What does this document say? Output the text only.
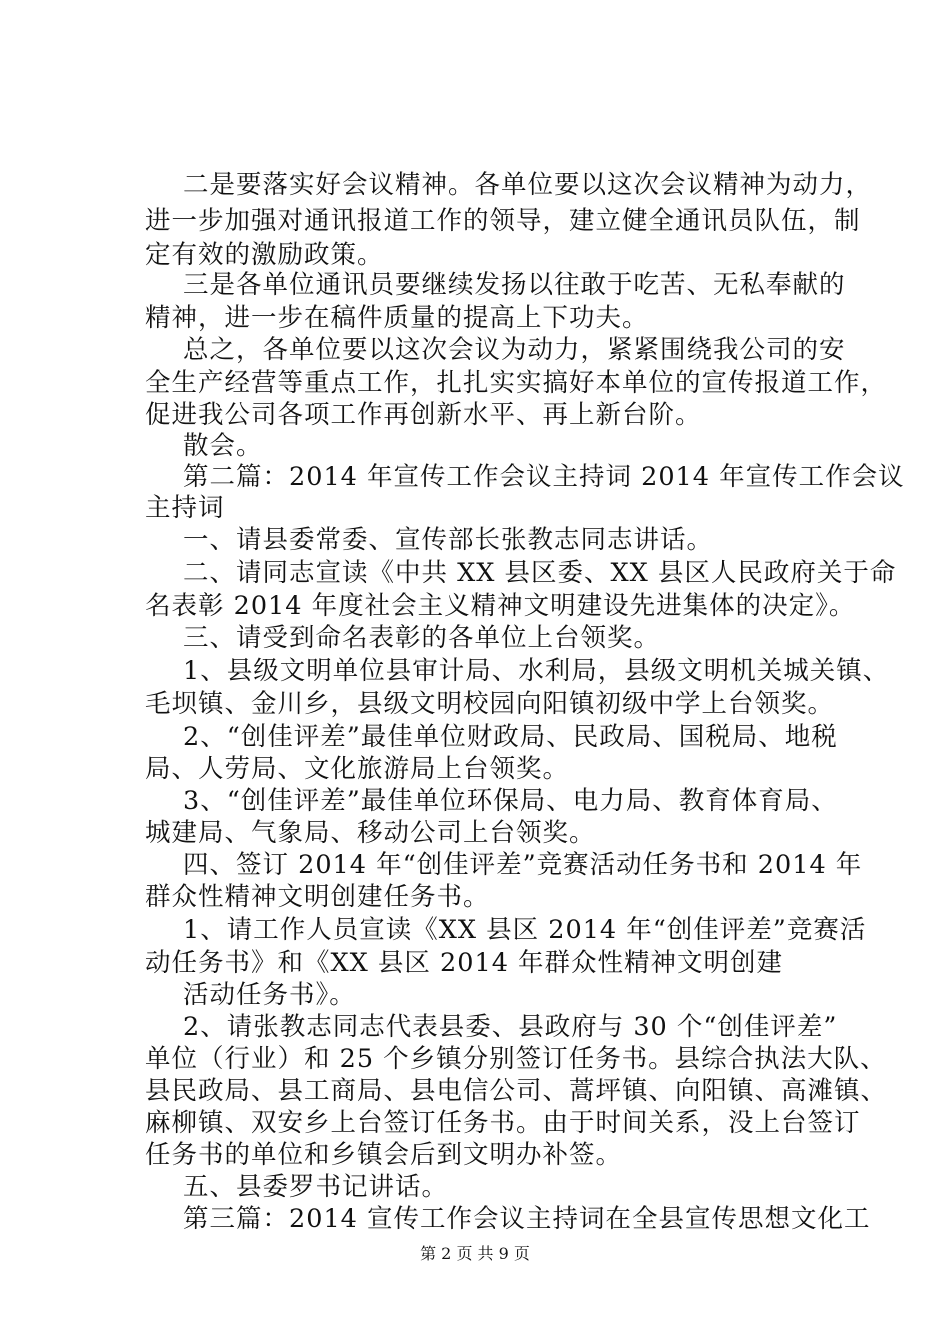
二是要落实好会议精神。各单位要以这次会议精神为动力，
进一步加强对通讯报道工作的领导，建立健全通讯员队伍，制
定有效的激励政策。
三是各单位通讯员要继续发扬以往敢于吃苦、无私奉献的
精神，进一步在稿件质量的提高上下功夫。
总之，各单位要以这次会议为动力，紧紧围绕我公司的安
全生产经营等重点工作，扎扎实实搞好本单位的宣传报道工作，
促进我公司各项工作再创新水平、再上新台阶。
散会。
第二篇：2014 年宣传工作会议主持词 2014 年宣传工作会议
主持词
一、请县委常委、宣传部长张教志同志讲话。
二、请同志宣读《中共 XX 县区委、XX 县区人民政府关于命
名表彰 2014 年度社会主义精神文明建设先进集体的决定》。
三、请受到命名表彰的各单位上台领奖。
1、县级文明单位县审计局、水利局，县级文明机关城关镇、
毛坝镇、金川乡，县级文明校园向阳镇初级中学上台领奖。
2、“创佳评差”最佳单位财政局、民政局、国税局、地税
局、人劳局、文化旅游局上台领奖。
3、“创佳评差”最佳单位环保局、电力局、教育体育局、
城建局、气象局、移动公司上台领奖。
四、签订 2014 年“创佳评差”竞赛活动任务书和 2014 年
群众性精神文明创建任务书。
1、请工作人员宣读《XX 县区 2014 年“创佳评差”竞赛活
动任务书》和《XX 县区 2014 年群众性精神文明创建
活动任务书》。
2、请张教志同志代表县委、县政府与 30 个“创佳评差”
单位（行业）和 25 个乡镇分别签订任务书。县综合执法大队、
县民政局、县工商局、县电信公司、蒿坪镇、向阳镇、高滩镇、
麻柳镇、双安乡上台签订任务书。由于时间关系，没上台签订
任务书的单位和乡镇会后到文明办补签。
五、县委罗书记讲话。
第三篇：2014 宣传工作会议主持词在全县宣传思想文化工
第 2 页 共 9 页
